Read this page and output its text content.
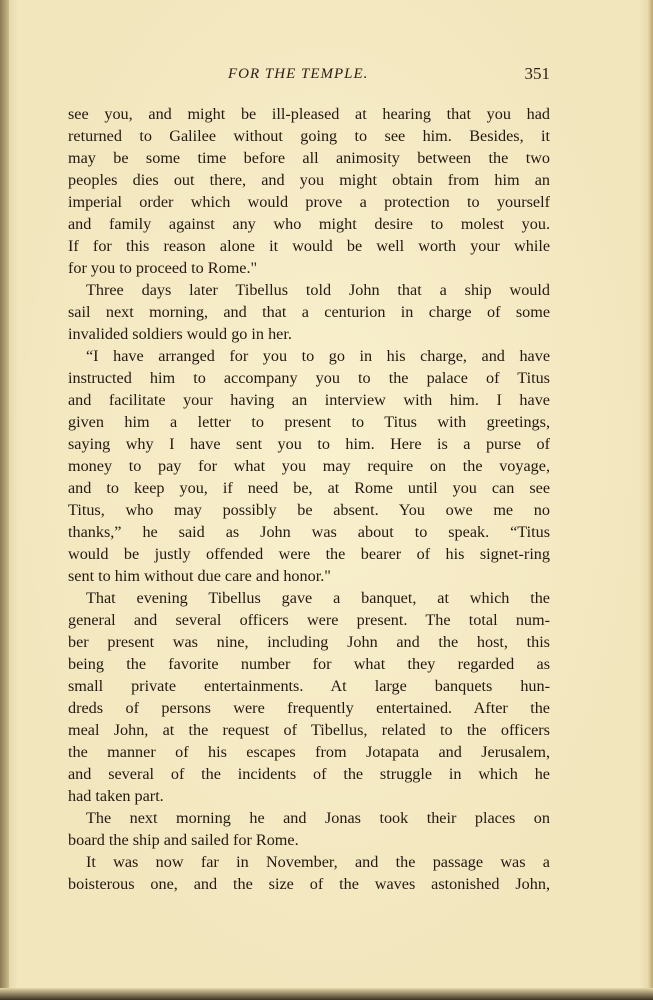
FOR THE TEMPLE.	351
see you, and might be ill-pleased at hearing that you had
returned to Galilee without going to see him. Besides, it
may be some time before all animosity between the two
peoples dies out there, and you might obtain from him an
imperial order which would prove a protection to yourself
and family against any who might desire to molest you.
If for this reason alone it would be well worth your while
for you to proceed to Rome."
Three days later Tibellus told John that a ship would
sail next morning, and that a centurion in charge of some
invalided soldiers would go in her.
“I have arranged for you to go in his charge, and have
instructed him to accompany you to the palace of Titus
and facilitate your having an interview with him. I have
given him a letter to present to Titus with greetings,
saying why I have sent you to him. Here is a purse of
money to pay for what you may require on the voyage,
and to keep you, if need be, at Rome until you can see
Titus, who may possibly be absent. You owe me no
thanks,” he said as John was about to speak. “Titus
would be justly offended were the bearer of his signet-ring
sent to him without due care and honor."
That evening Tibellus gave a banquet, at which the
general and several officers were present. The total num-
ber present was nine, including John and the host, this
being the favorite number for what they regarded as
small private entertainments. At large banquets hun-
dreds of persons were frequently entertained. After the
meal John, at the request of Tibellus, related to the officers
the manner of his escapes from Jotapata and Jerusalem,
and several of the incidents of the struggle in which he
had taken part.
The next morning he and Jonas took their places on
board the ship and sailed for Rome.
It was now far in November, and the passage was a
boisterous one, and the size of the waves astonished John,
